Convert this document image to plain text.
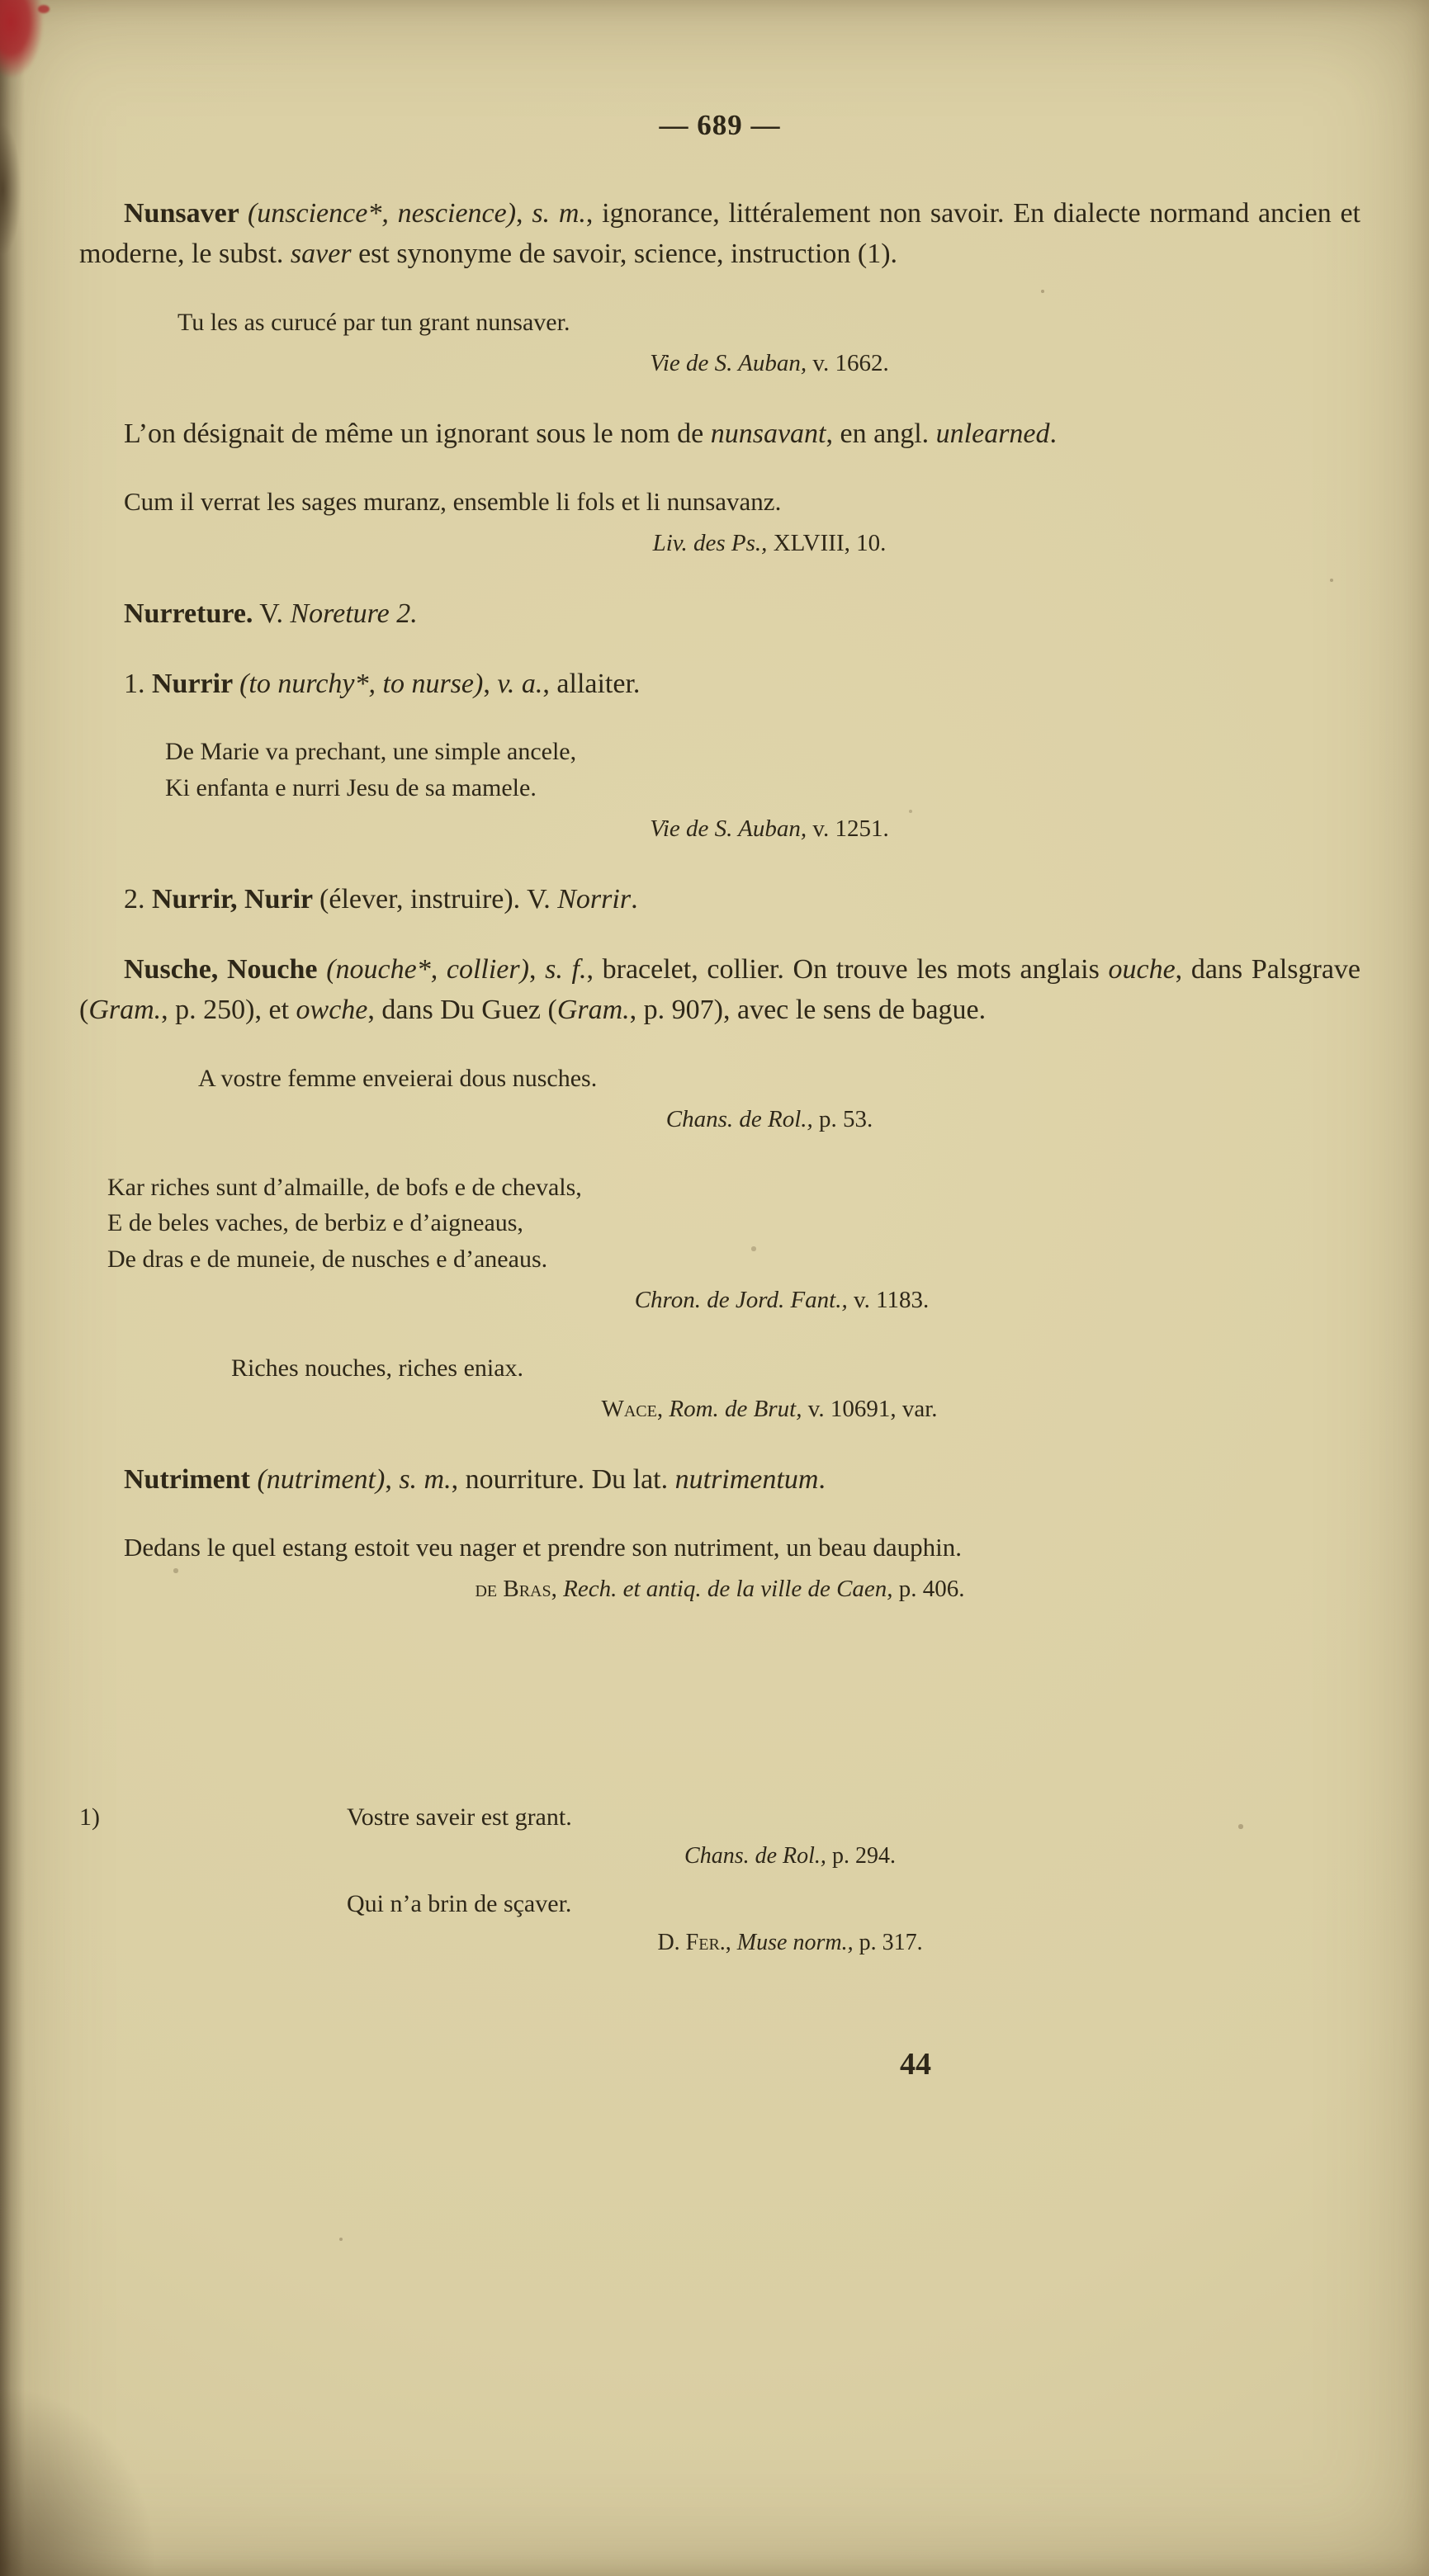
— 689 —

Nunsaver (unscience*, nescience), s. m., ignorance, littéralement non savoir. En dialecte normand ancien et moderne, le subst. saver est synonyme de savoir, science, instruction (1).

Tu les as curucé par tun grant nunsaver.
Vie de S. Auban, v. 1662.

L’on désignait de même un ignorant sous le nom de nunsavant, en angl. unlearned.

Cum il verrat les sages muranz, ensemble li fols et li nunsavanz.

Liv. des Ps., XLVIII, 10.

Nurreture. V. Noreture 2.

1. Nurrir (to nurchy*, to nurse), v. a., allaiter.

De Marie va prechant, une simple ancele,
Ki enfanta e nurri Jesu de sa mamele.
Vie de S. Auban, v. 1251.

2. Nurrir, Nurir (élever, instruire). V. Norrir.

Nusche, Nouche (nouche*, collier), s. f., bracelet, collier. On trouve les mots anglais ouche, dans Palsgrave (Gram., p. 250), et owche, dans Du Guez (Gram., p. 907), avec le sens de bague.

A vostre femme enveierai dous nusches.
Chans. de Rol., p. 53.
Kar riches sunt d’almaille, de bofs e de chevals,
E de beles vaches, de berbiz e d’aigneaus,
De dras e de muneie, de nusches e d’aneaus.
Chron. de Jord. Fant., v. 1183.
Riches nouches, riches eniax.
Wace, Rom. de Brut, v. 10691, var.

Nutriment (nutriment), s. m., nourriture. Du lat. nutrimentum.

Dedans le quel estang estoit veu nager et prendre son nutriment, un beau dauphin.

de Bras, Rech. et antiq. de la ville de Caen, p. 406.
1)	Vostre saveir est grant.
Chans. de Rol., p. 294.
Qui n’a brin de sçaver.
D. Fer., Muse norm., p. 317.
44
